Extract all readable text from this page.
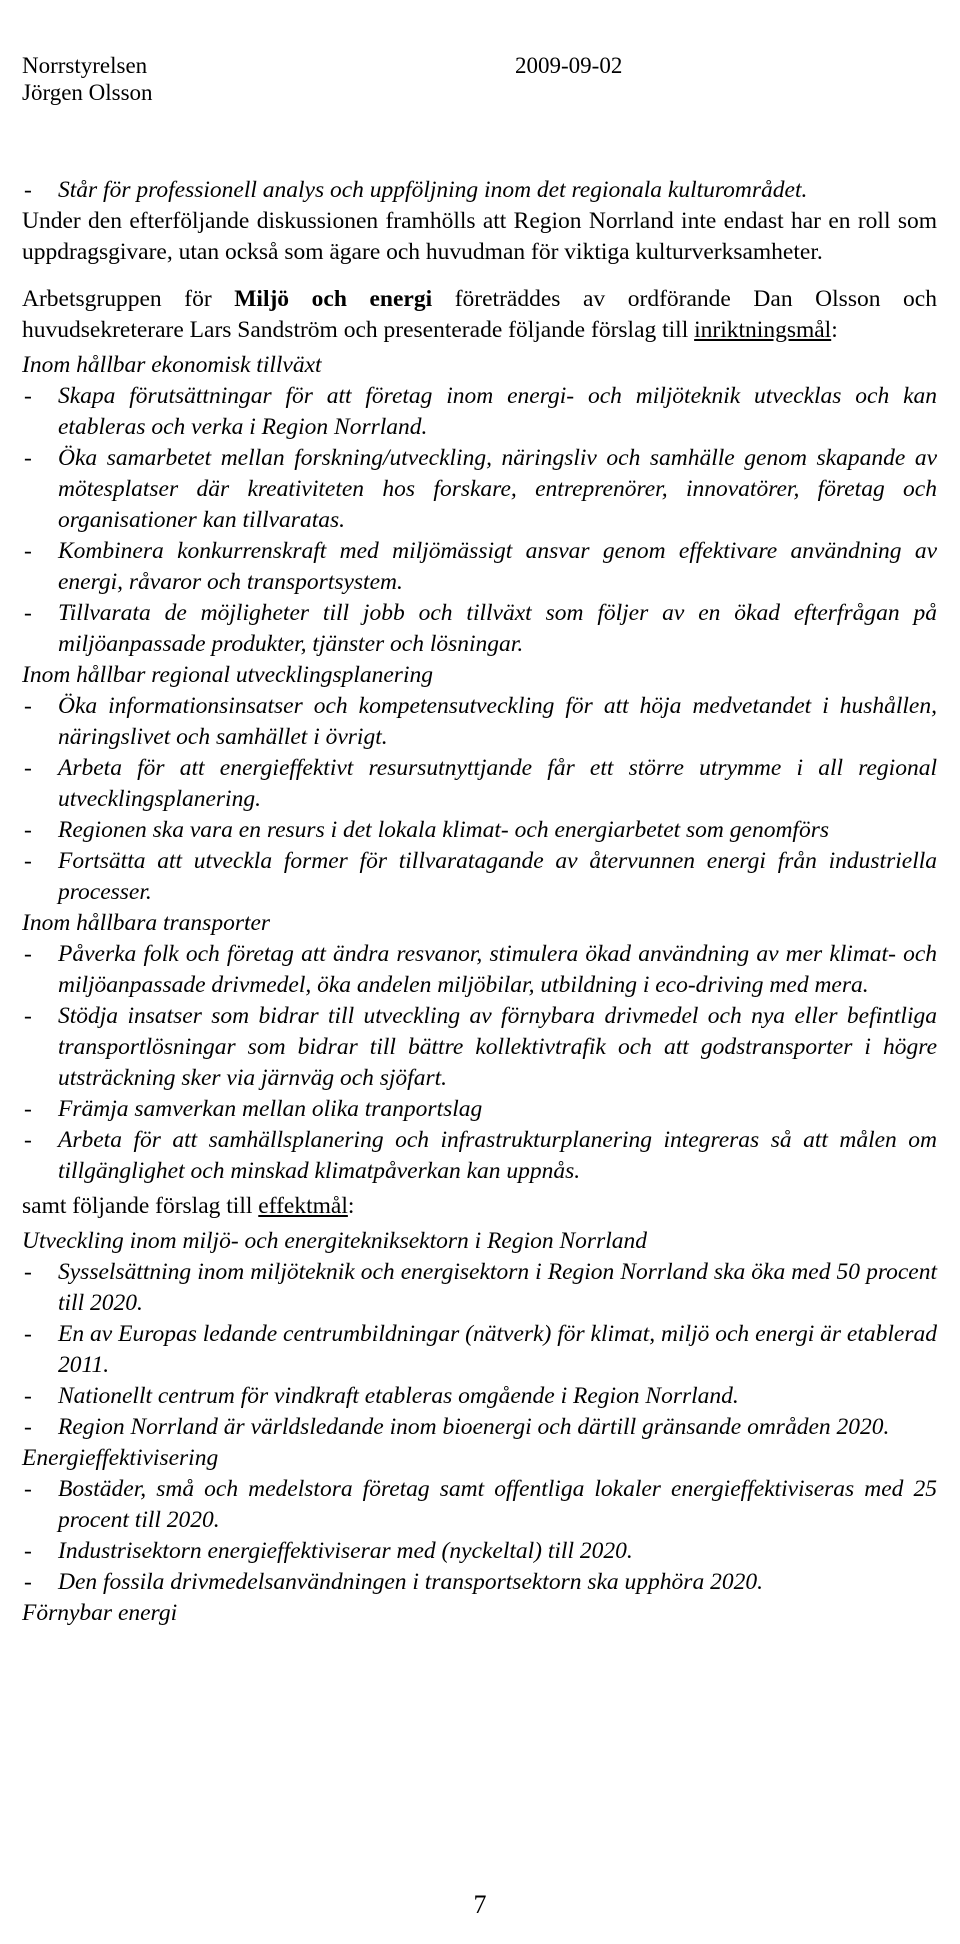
Norrstyrelsen
Jörgen Olsson
2009-09-02
- Står för professionell analys och uppföljning inom det regionala kulturområdet.

Under den efterföljande diskussionen framhölls att Region Norrland inte endast har en roll som uppdragsgivare, utan också som ägare och huvudman för viktiga kulturverksamheter.

Arbetsgruppen för Miljö och energi företräddes av ordförande Dan Olsson och huvudsekreterare Lars Sandström och presenterade följande förslag till inriktningsmål:

Inom hållbar ekonomisk tillväxt
- Skapa förutsättningar för att företag inom energi- och miljöteknik utvecklas och kan etableras och verka i Region Norrland.
- Öka samarbetet mellan forskning/utveckling, näringsliv och samhälle genom skapande av mötesplatser där kreativiteten hos forskare, entreprenörer, innovatörer, företag och organisationer kan tillvaratas.
- Kombinera konkurrenskraft med miljömässigt ansvar genom effektivare användning av energi, råvaror och transportsystem.
- Tillvarata de möjligheter till jobb och tillväxt som följer av en ökad efterfrågan på miljöanpassade produkter, tjänster och lösningar.
Inom hållbar regional utvecklingsplanering
- Öka informationsinsatser och kompetensutveckling för att höja medvetandet i hushållen, näringslivet och samhället i övrigt.
- Arbeta för att energieffektivt resursutnyttjande får ett större utrymme i all regional utvecklingsplanering.
- Regionen ska vara en resurs i det lokala klimat- och energiarbetet som genomförs
- Fortsätta att utveckla former för tillvaratagande av återvunnen energi från industriella processer.
Inom hållbara transporter
- Påverka folk och företag att ändra resvanor, stimulera ökad användning av mer klimat- och miljöanpassade drivmedel, öka andelen miljöbilar, utbildning i eco-driving med mera.
- Stödja insatser som bidrar till utveckling av förnybara drivmedel och nya eller befintliga transportlösningar som bidrar till bättre kollektivtrafik och att godstransporter i högre utsträckning sker via järnväg och sjöfart.
- Främja samverkan mellan olika tranportslag
- Arbeta för att samhällsplanering och infrastrukturplanering integreras så att målen om tillgänglighet och minskad klimatpåverkan kan uppnås.

samt följande förslag till effektmål:

Utveckling inom miljö- och energitekniksektorn i Region Norrland
- Sysselsättning inom miljöteknik och energisektorn i Region Norrland ska öka med 50 procent till 2020.
- En av Europas ledande centrumbildningar (nätverk) för klimat, miljö och energi är etablerad 2011.
- Nationellt centrum för vindkraft etableras omgående i Region Norrland.
- Region Norrland är världsledande inom bioenergi och därtill gränsande områden 2020.
Energieffektivisering
- Bostäder, små och medelstora företag samt offentliga lokaler energieffektiviseras med 25 procent till 2020.
- Industrisektorn energieffektiviserar med (nyckeltal) till 2020.
- Den fossila drivmedelsanvändningen i transportsektorn ska upphöra 2020.
Förnybar energi
7
